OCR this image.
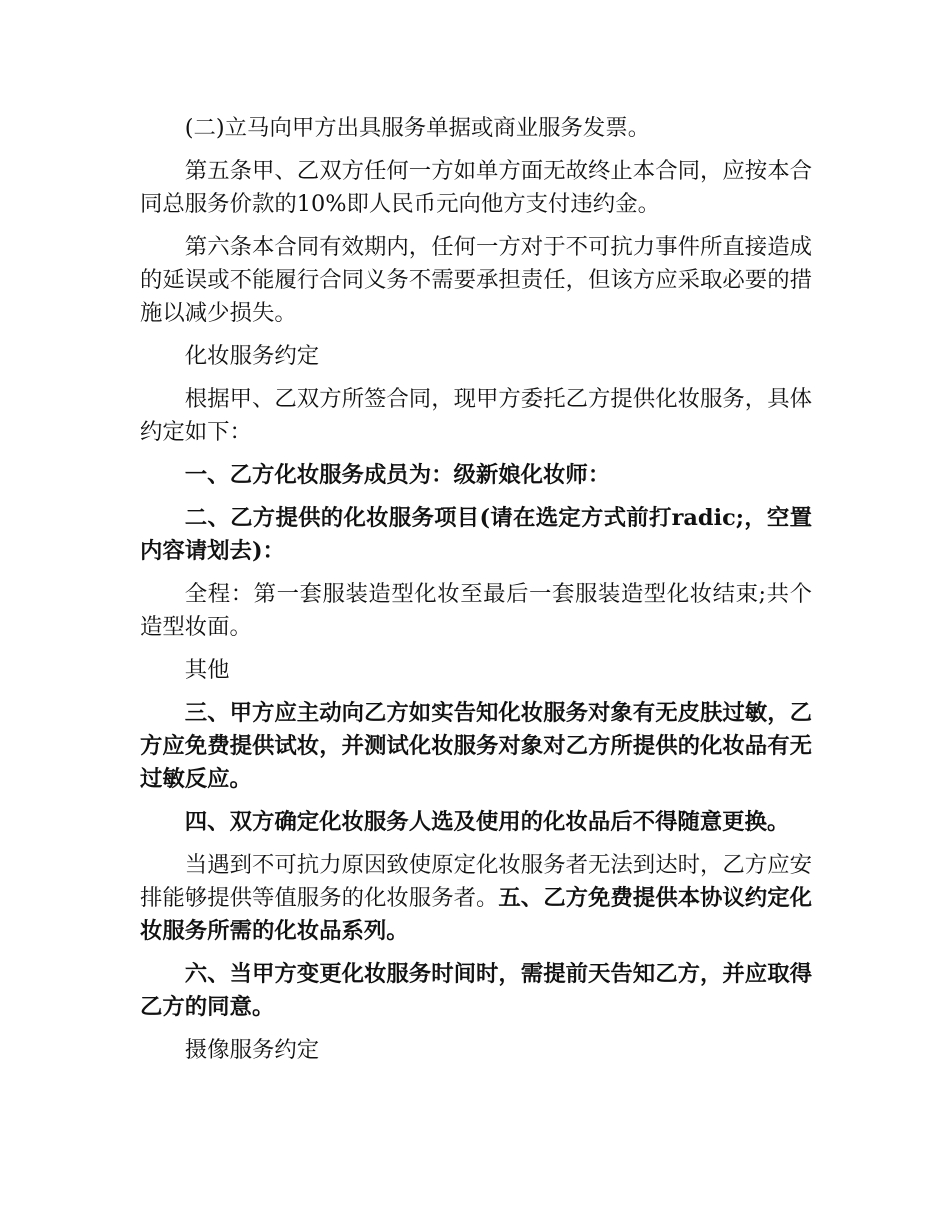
(二)立马向甲方出具服务单据或商业服务发票。

第五条甲、乙双方任何一方如单方面无故终止本合同，应按本合同总服务价款的10%即人民币元向他方支付违约金。

第六条本合同有效期内，任何一方对于不可抗力事件所直接造成的延误或不能履行合同义务不需要承担责任，但该方应采取必要的措施以减少损失。

化妆服务约定

根据甲、乙双方所签合同，现甲方委托乙方提供化妆服务，具体约定如下：

一、乙方化妆服务成员为：级新娘化妆师：

二、乙方提供的化妆服务项目(请在选定方式前打radic;，空置内容请划去)：

全程：第一套服装造型化妆至最后一套服装造型化妆结束;共个造型妆面。

其他

三、甲方应主动向乙方如实告知化妆服务对象有无皮肤过敏，乙方应免费提供试妆，并测试化妆服务对象对乙方所提供的化妆品有无过敏反应。

四、双方确定化妆服务人选及使用的化妆品后不得随意更换。

当遇到不可抗力原因致使原定化妆服务者无法到达时，乙方应安排能够提供等值服务的化妆服务者。五、乙方免费提供本协议约定化妆服务所需的化妆品系列。

六、当甲方变更化妆服务时间时，需提前天告知乙方，并应取得乙方的同意。

摄像服务约定
